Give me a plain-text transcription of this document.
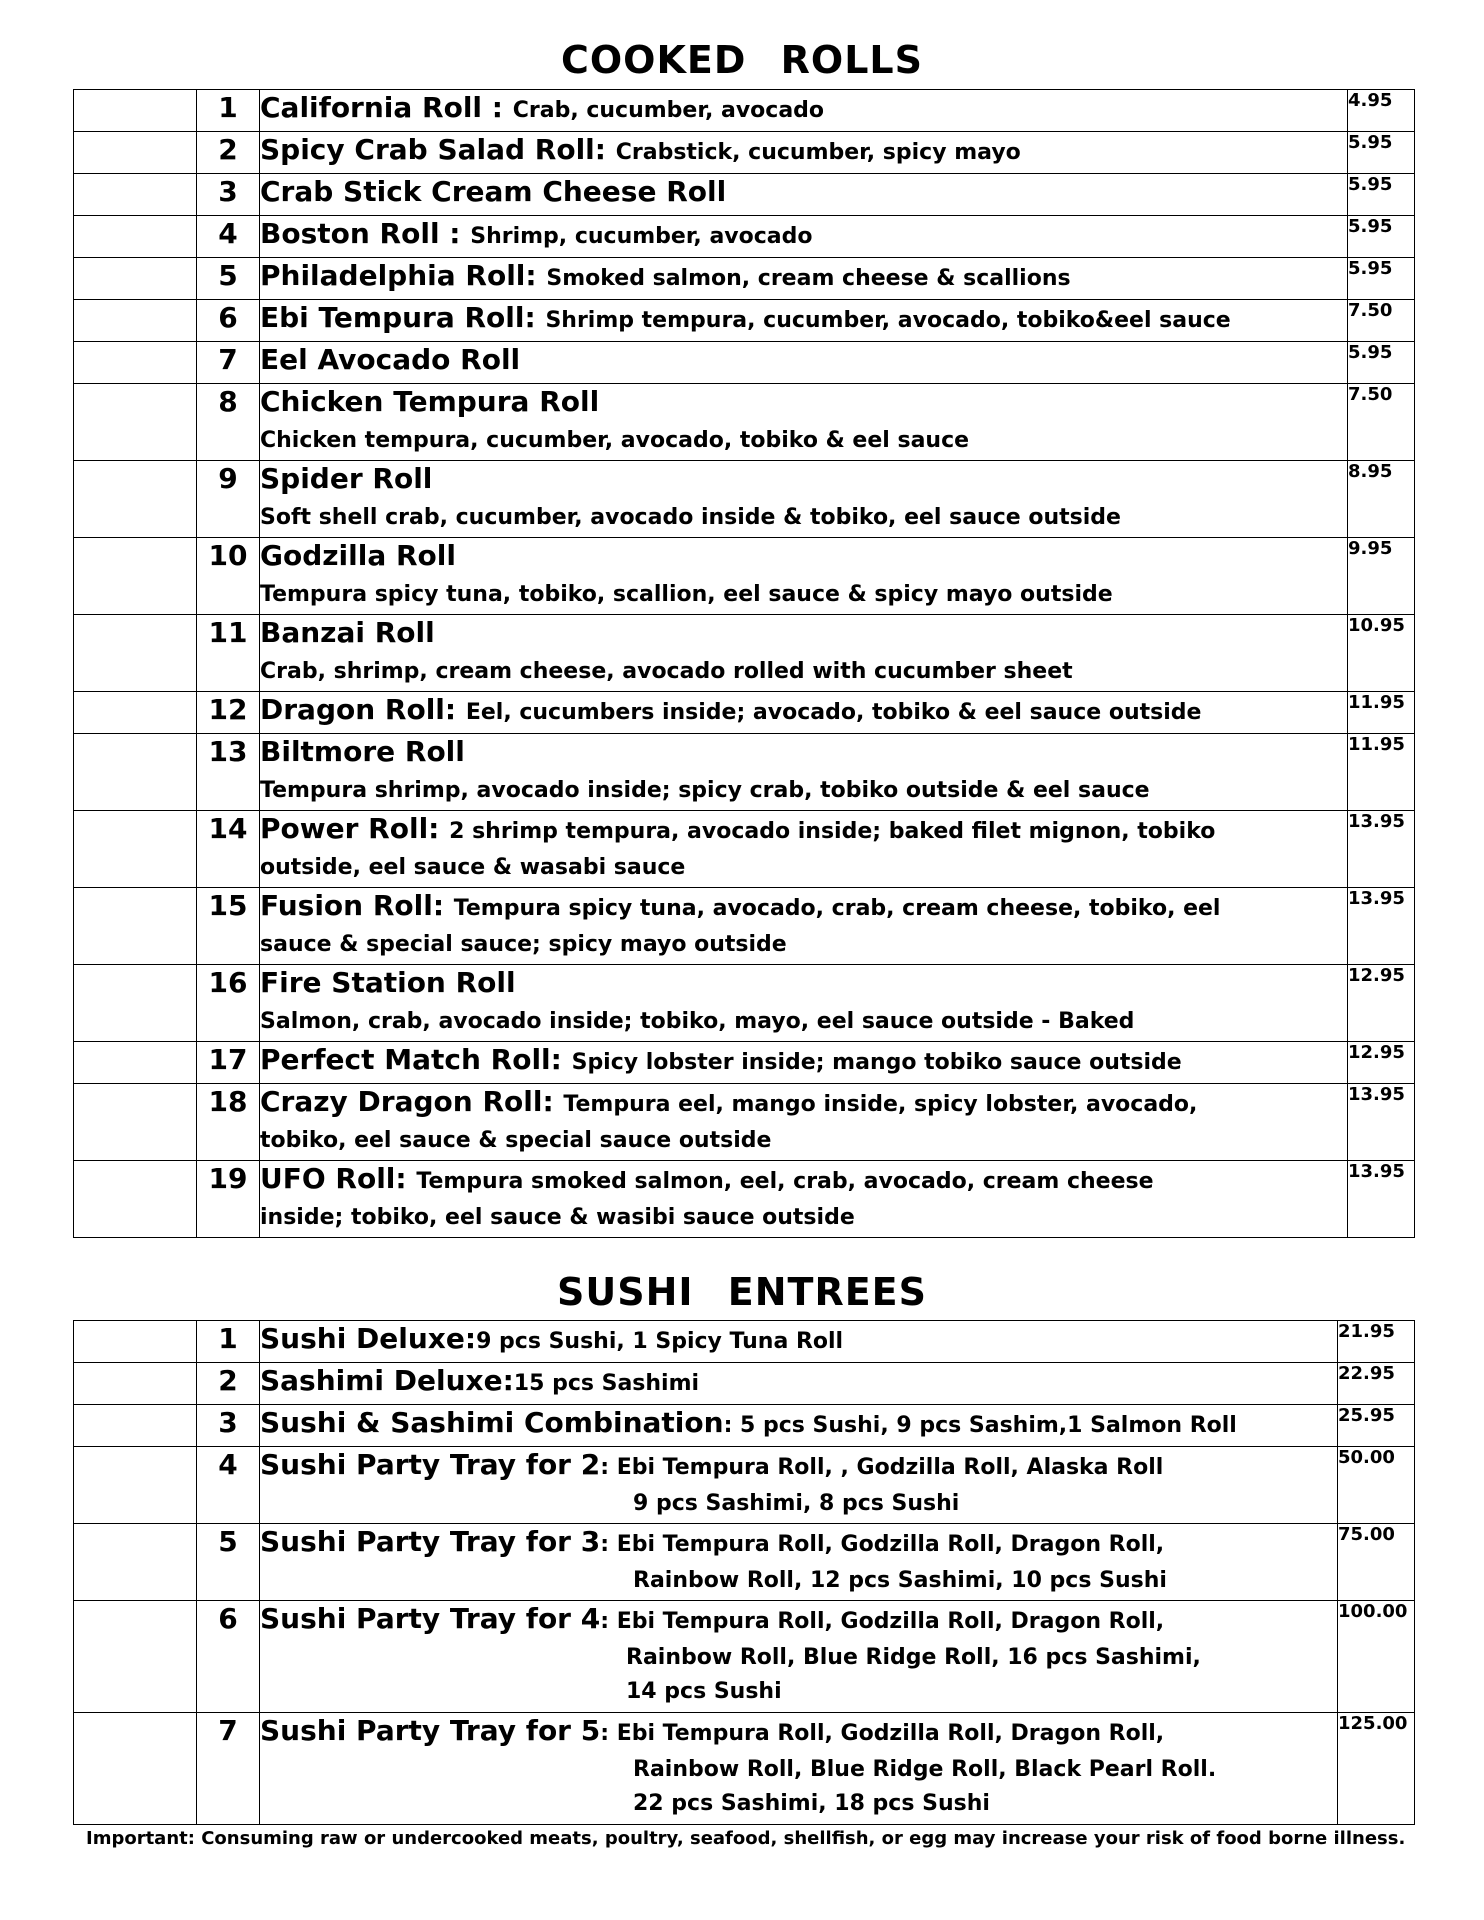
COOKED ROLLS
	1	California Roll : Crab, cucumber, avocado	4.95
	2	Spicy Crab Salad Roll: Crabstick, cucumber, spicy mayo	5.95
	3	Crab Stick Cream Cheese Roll	5.95
	4	Boston Roll : Shrimp, cucumber, avocado	5.95
	5	Philadelphia Roll: Smoked salmon, cream cheese & scallions	5.95
	6	Ebi Tempura Roll: Shrimp tempura, cucumber, avocado, tobiko&eel sauce	7.50
	7	Eel Avocado Roll	5.95
	8	Chicken Tempura Roll
Chicken tempura, cucumber, avocado, tobiko & eel sauce	7.50
	9	Spider Roll
Soft shell crab, cucumber, avocado inside & tobiko, eel sauce outside	8.95
	10	Godzilla Roll
Tempura spicy tuna, tobiko, scallion, eel sauce & spicy mayo outside	9.95
	11	Banzai Roll
Crab, shrimp, cream cheese, avocado rolled with cucumber sheet	10.95
	12	Dragon Roll: Eel, cucumbers inside; avocado, tobiko & eel sauce outside	11.95
	13	Biltmore Roll
Tempura shrimp, avocado inside; spicy crab, tobiko outside & eel sauce	11.95
	14	Power Roll: 2 shrimp tempura, avocado inside; baked filet mignon, tobiko
outside, eel sauce & wasabi sauce	13.95
	15	Fusion Roll: Tempura spicy tuna, avocado, crab, cream cheese, tobiko, eel
sauce & special sauce; spicy mayo outside	13.95
	16	Fire Station Roll
Salmon, crab, avocado inside; tobiko, mayo, eel sauce outside - Baked	12.95
	17	Perfect Match Roll: Spicy lobster inside; mango tobiko sauce outside	12.95
	18	Crazy Dragon Roll: Tempura eel, mango inside, spicy lobster, avocado,
tobiko, eel sauce & special sauce outside	13.95
	19	UFO Roll: Tempura smoked salmon, eel, crab, avocado, cream cheese
inside; tobiko, eel sauce & wasibi sauce outside	13.95
SUSHI ENTREES
	1	Sushi Deluxe:9 pcs Sushi, 1 Spicy Tuna Roll	21.95
	2	Sashimi Deluxe:15 pcs Sashimi	22.95
	3	Sushi & Sashimi Combination: 5 pcs Sushi, 9 pcs Sashim,1 Salmon Roll	25.95
	4	Sushi Party Tray for 2: Ebi Tempura Roll, , Godzilla Roll, Alaska Roll
9 pcs Sashimi, 8 pcs Sushi	50.00
	5	Sushi Party Tray for 3: Ebi Tempura Roll, Godzilla Roll, Dragon Roll,
Rainbow Roll, 12 pcs Sashimi, 10 pcs Sushi	75.00
	6	Sushi Party Tray for 4: Ebi Tempura Roll, Godzilla Roll, Dragon Roll,
Rainbow Roll, Blue Ridge Roll, 16 pcs Sashimi,
14 pcs Sushi	100.00
	7	Sushi Party Tray for 5: Ebi Tempura Roll, Godzilla Roll, Dragon Roll,
Rainbow Roll, Blue Ridge Roll, Black Pearl Roll.
22 pcs Sashimi, 18 pcs Sushi	125.00

Important: Consuming raw or undercooked meats, poultry, seafood, shellfish, or egg may increase your risk of food borne illness.
